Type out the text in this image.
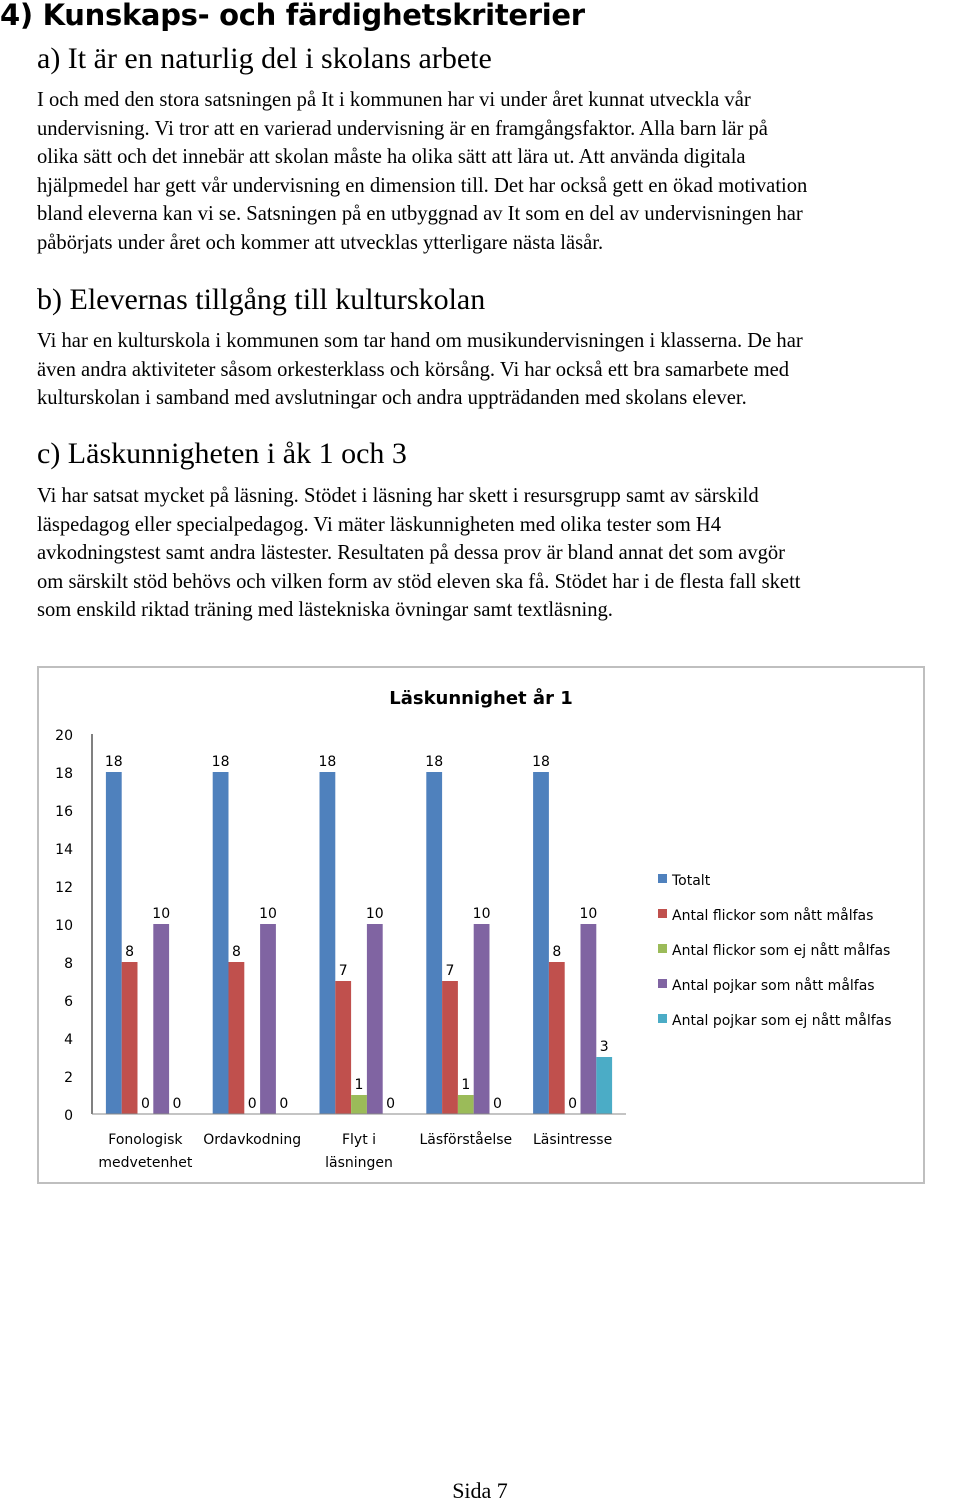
4) Kunskaps- och färdighetskriterier
a) It är en naturlig del i skolans arbete
I och med den stora satsningen på It i kommunen har vi under året kunnat utveckla vår
undervisning. Vi tror att en varierad undervisning är en framgångsfaktor. Alla barn lär på
olika sätt och det innebär att skolan måste ha olika sätt att lära ut. Att använda digitala
hjälpmedel har gett vår undervisning en dimension till. Det har också gett en ökad motivation
bland eleverna kan vi se. Satsningen på en utbyggnad av It som en del av undervisningen har
påbörjats under året och kommer att utvecklas ytterligare nästa läsår.
b) Elevernas tillgång till kulturskolan
Vi har en kulturskola i kommunen som tar hand om musikundervisningen i klasserna. De har
även andra aktiviteter såsom orkesterklass och körsång. Vi har också ett bra samarbete med
kulturskolan i samband med avslutningar och andra uppträdanden med skolans elever.
c) Läskunnigheten i åk 1 och 3
Vi har satsat mycket på läsning. Stödet i läsning har skett i resursgrupp samt av särskild
läspedagog eller specialpedagog. Vi mäter läskunnigheten med olika tester som H4
avkodningstest samt andra lästester. Resultaten på dessa prov är bland annat det som avgör
om särskilt stöd behövs och vilken form av stöd eleven ska få. Stödet har i de flesta fall skett
som enskild riktad träning med lästekniska övningar samt textläsning.
Läskunnighet år 1
0
2
4
6
8
10
12
14
16
18
20
18	18	18	18	18
8	8
7	7
8
0	0
1	1
0
10	10	10	10	10
0	0	0	0
3
Fonologisk
medvetenhet
Ordavkodning	Flyt i
läsningen
Läsförståelse Läsintresse
Totalt
Antal flickor som nått målfas
Antal flickor som ej nått målfas
Antal pojkar som nått målfas
Antal pojkar som ej nått målfas
Sida 7
